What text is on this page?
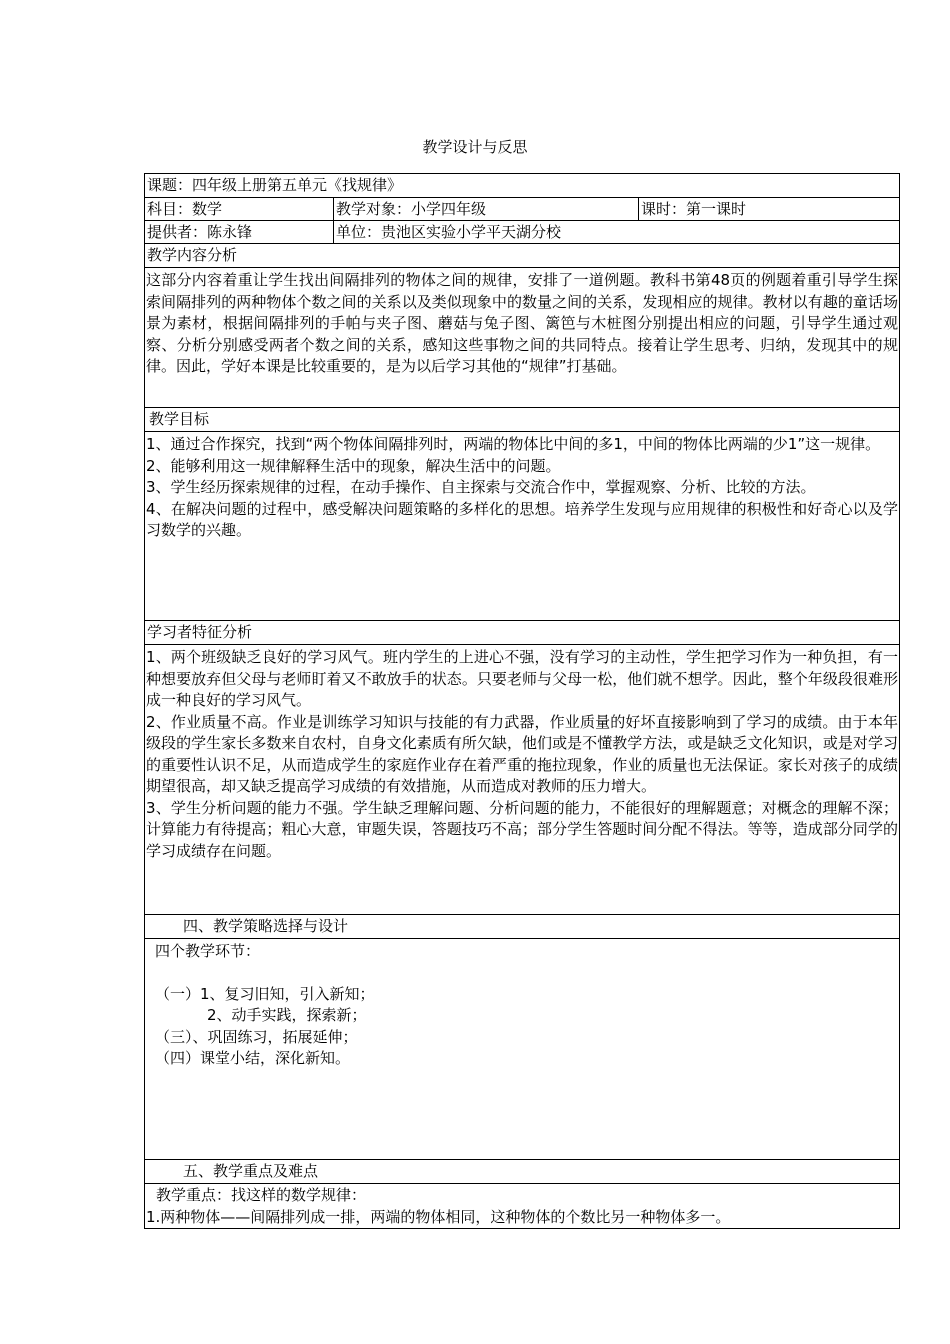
教学设计与反思
课题：四年级上册第五单元《找规律》
科目：数学	教学对象：小学四年级	课时：第一课时
提供者：陈永锋	单位：贵池区实验小学平天湖分校
教学内容分析

这部分内容着重让学生找出间隔排列的物体之间的规律，安排了一道例题。教科书第48页的例题着重引导学生探索间隔排列的两种物体个数之间的关系以及类似现象中的数量之间的关系，发现相应的规律。教材以有趣的童话场景为素材，根据间隔排列的手帕与夹子图、蘑菇与兔子图、篱笆与木桩图分别提出相应的问题，引导学生通过观察、分析分别感受两者个数之间的关系，感知这些事物之间的共同特点。接着让学生思考、归纳，发现其中的规律。因此，学好本课是比较重要的，是为以后学习其他的“规律”打基础。

教学目标

1、通过合作探究，找到“两个物体间隔排列时，两端的物体比中间的多1，中间的物体比两端的少1”这一规律。

2、能够利用这一规律解释生活中的现象，解决生活中的问题。

3、学生经历探索规律的过程，在动手操作、自主探索与交流合作中，掌握观察、分析、比较的方法。

4、在解决问题的过程中，感受解决问题策略的多样化的思想。培养学生发现与应用规律的积极性和好奇心以及学习数学的兴趣。

学习者特征分析

1、两个班级缺乏良好的学习风气。班内学生的上进心不强，没有学习的主动性，学生把学习作为一种负担，有一种想要放弃但父母与老师盯着又不敢放手的状态。只要老师与父母一松，他们就不想学。因此，整个年级段很难形成一种良好的学习风气。

2、作业质量不高。作业是训练学习知识与技能的有力武器，作业质量的好坏直接影响到了学习的成绩。由于本年级段的学生家长多数来自农村，自身文化素质有所欠缺，他们或是不懂教学方法，或是缺乏文化知识，或是对学习的重要性认识不足，从而造成学生的家庭作业存在着严重的拖拉现象，作业的质量也无法保证。家长对孩子的成绩期望很高，却又缺乏提高学习成绩的有效措施，从而造成对教师的压力增大。

3、学生分析问题的能力不强。学生缺乏理解问题、分析问题的能力，不能很好的理解题意；对概念的理解不深；计算能力有待提高；粗心大意，审题失误，答题技巧不高；部分学生答题时间分配不得法。等等，造成部分同学的学习成绩存在问题。

四、教学策略选择与设计

四个教学环节：

（一）1、复习旧知，引入新知；

2、动手实践，探索新；

（三）、巩固练习，拓展延伸；

（四）课堂小结，深化新知。

五、教学重点及难点

教学重点：找这样的数学规律：

1.两种物体——间隔排列成一排，两端的物体相同，这种物体的个数比另一种物体多一。
